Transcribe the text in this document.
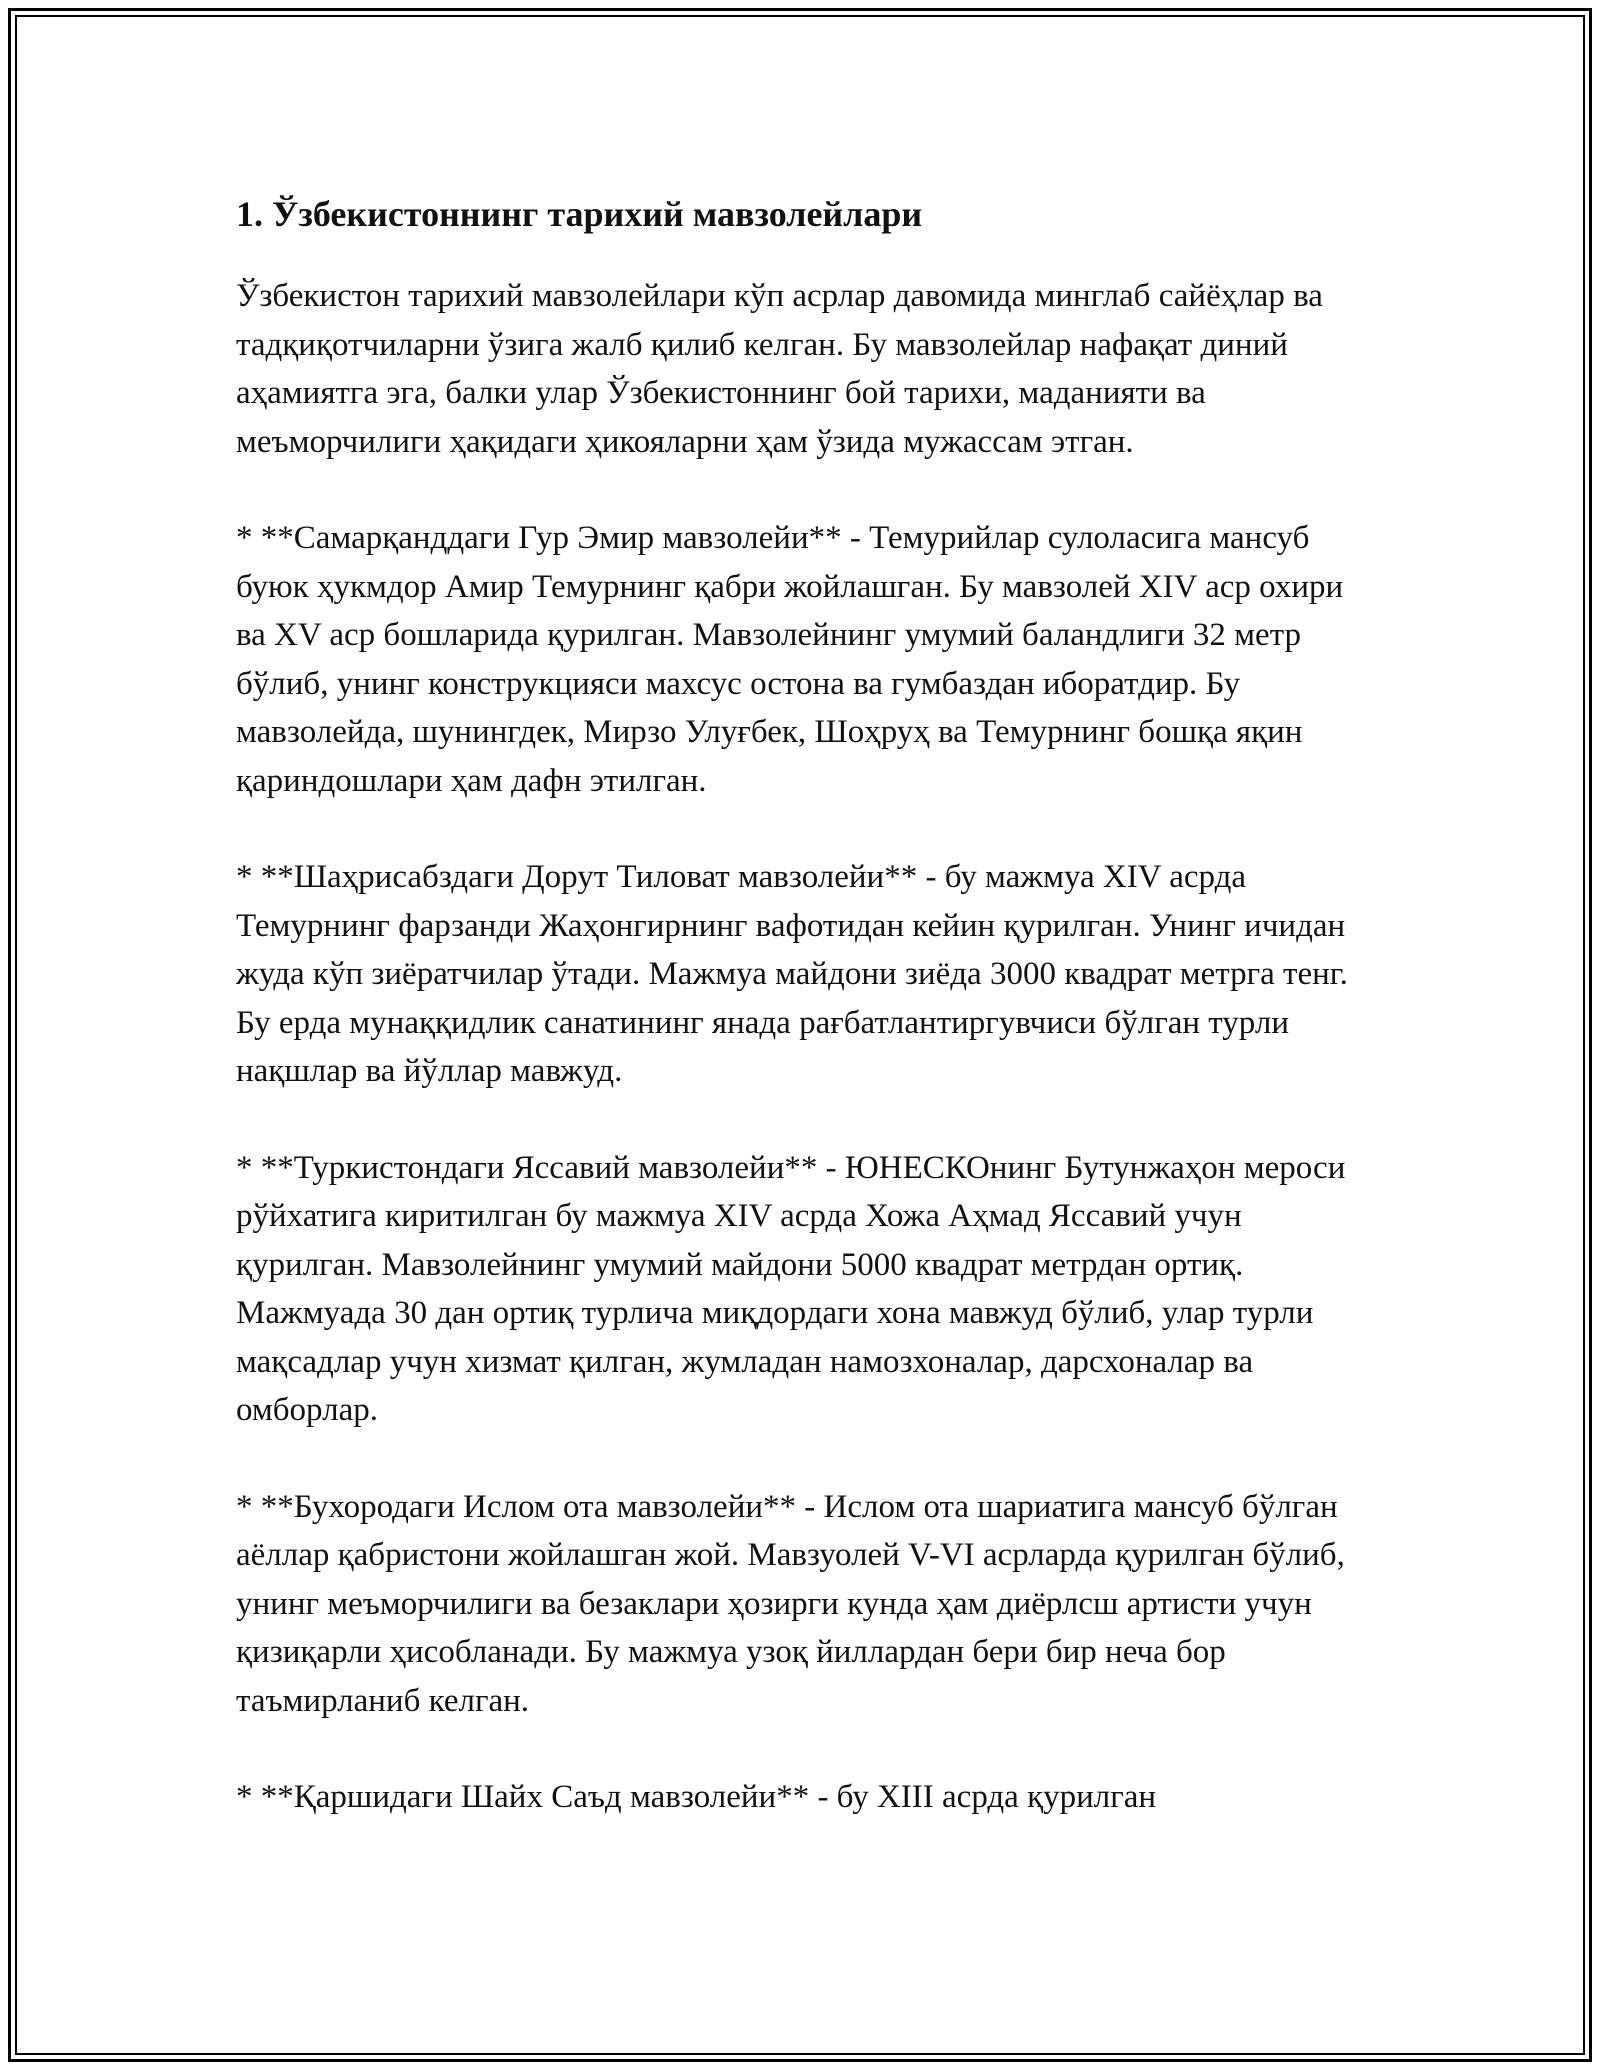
1. Ўзбекистоннинг тарихий мавзолейлари

Ўзбекистон тарихий мавзолейлари кўп асрлар давомида минглаб сайёҳлар ва тадқиқотчиларни ўзига жалб қилиб келган. Бу мавзолейлар нафақат диний аҳамиятга эга, балки улар Ўзбекистоннинг бой тарихи, маданияти ва меъморчилиги ҳақидаги ҳикояларни ҳам ўзида мужассам этган.

* **Самарқанддаги Гур Эмир мавзолейи** - Темурийлар сулоласига мансуб буюк ҳукмдор Амир Темурнинг қабри жойлашган. Бу мавзолей XIV аср охири ва XV аср бошларида қурилган. Мавзолейнинг умумий баландлиги 32 метр бўлиб, унинг конструкцияси махсус остона ва гумбаздан иборатдир. Бу мавзолейда, шунингдек, Мирзо Улуғбек, Шоҳруҳ ва Темурнинг бошқа яқин қариндошлари ҳам дафн этилган.

* **Шаҳрисабздаги Дорут Тиловат мавзолейи** - бу мажмуа XIV асрда Темурнинг фарзанди Жаҳонгирнинг вафотидан кейин қурилган. Унинг ичидан жуда кўп зиёратчилар ўтади. Мажмуа майдони зиёда 3000 квадрат метрга тенг. Бу ерда мунаққидлик санатининг янада рағбатлантиргувчиси бўлган турли нақшлар ва йўллар мавжуд.

* **Туркистондаги Яссавий мавзолейи** - ЮНЕСКОнинг Бутунжаҳон мероси рўйхатига киритилган бу мажмуа XIV асрда Хожа Аҳмад Яссавий учун қурилган. Мавзолейнинг умумий майдони 5000 квадрат метрдан ортиқ. Мажмуада 30 дан ортиқ турлича миқдордаги хона мавжуд бўлиб, улар турли мақсадлар учун хизмат қилган, жумладан намозхоналар, дарсхоналар ва омборлар.

* **Бухородаги Ислом ота мавзолейи** - Ислом ота шариатига мансуб бўлган аёллар қабристони жойлашган жой. Мавзуолей V-VI асрларда қурилган бўлиб, унинг меъморчилиги ва безаклари ҳозирги кунда ҳам диёрлсш артисти учун қизиқарли ҳисобланади. Бу мажмуа узоқ йиллардан бери бир неча бор таъмирланиб келган.

* **Қаршидаги Шайх Саъд мавзолейи** - бу XIII асрда қурилган
